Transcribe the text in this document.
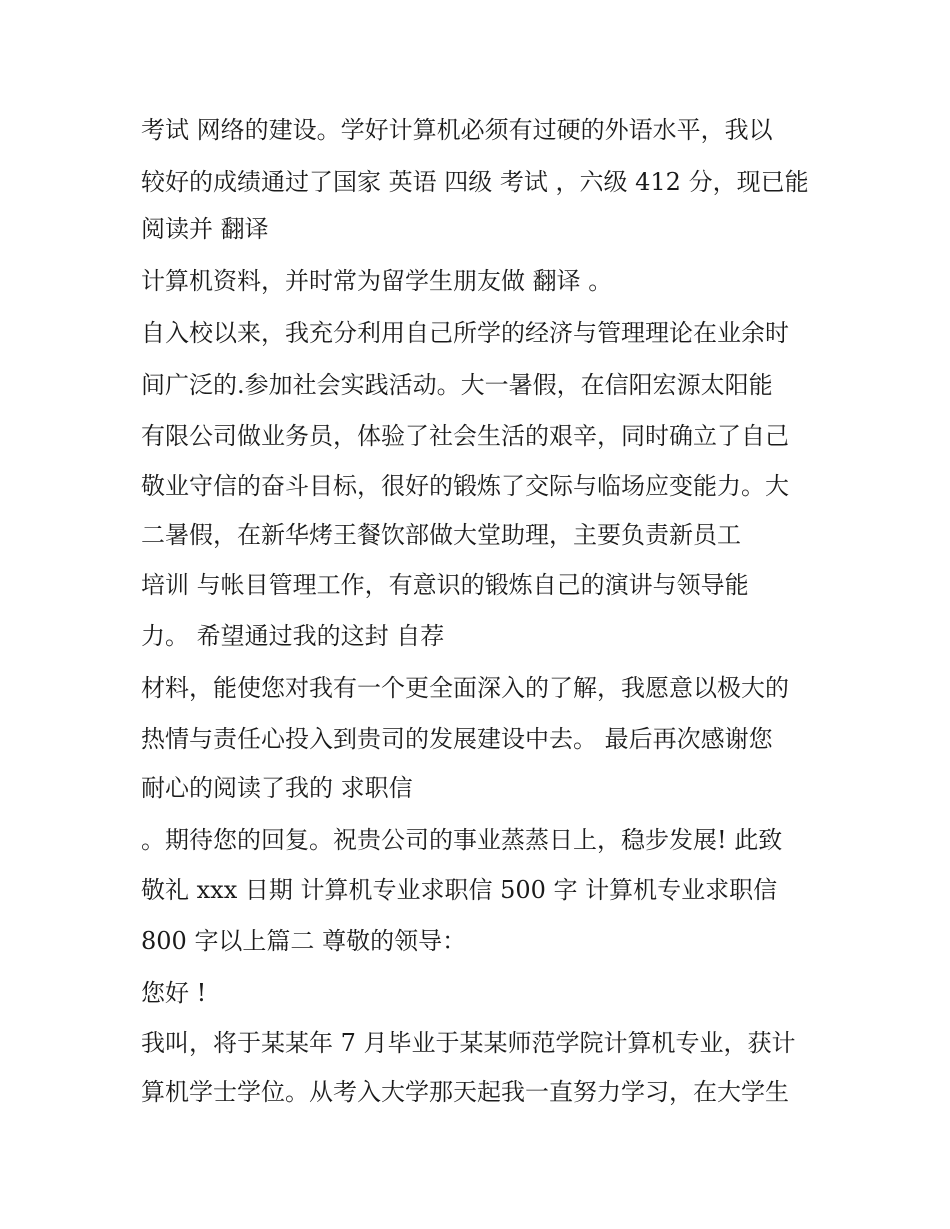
考试 网络的建设。学好计算机必须有过硬的外语水平，我以

较好的成绩通过了国家 英语 四级 考试 ，六级 412 分，现已能

阅读并 翻译

计算机资料，并时常为留学生朋友做 翻译 。

自入校以来，我充分利用自己所学的经济与管理理论在业余时

间广泛的.参加社会实践活动。大一暑假，在信阳宏源太阳能

有限公司做业务员，体验了社会生活的艰辛，同时确立了自己

敬业守信的奋斗目标，很好的锻炼了交际与临场应变能力。大

二暑假，在新华烤王餐饮部做大堂助理，主要负责新员工

培训 与帐目管理工作，有意识的锻炼自己的演讲与领导能

力。 希望通过我的这封 自荐

材料，能使您对我有一个更全面深入的了解，我愿意以极大的

热情与责任心投入到贵司的发展建设中去。 最后再次感谢您

耐心的阅读了我的 求职信

。期待您的回复。祝贵公司的事业蒸蒸日上，稳步发展! 此致

敬礼 xxx 日期 计算机专业求职信 500 字 计算机专业求职信

800 字以上篇二 尊敬的领导：

您好 !

我叫，将于某某年 7 月毕业于某某师范学院计算机专业，获计

算机学士学位。从考入大学那天起我一直努力学习，在大学生
